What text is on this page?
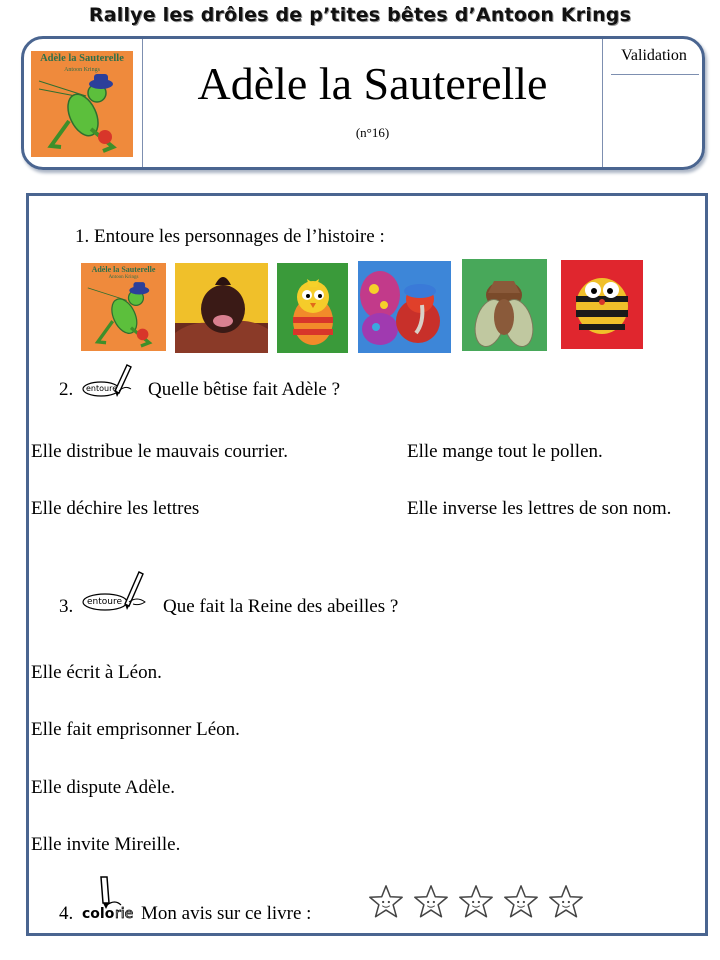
Rallye les drôles de p’tites bêtes d’Antoon Krings
Adèle la Sauterelle
Antoon Krings	Adèle la Sauterelle
(n°16)
Validation
1. Entoure les personnages de l’histoire :
Adèle la Sauterelle
Antoon Krings
2. entoure Quelle bêtise fait Adèle ?
Elle distribue le mauvais courrier.	Elle mange tout le pollen.
Elle déchire les lettres	Elle inverse les lettres de son nom.
3. entoure Que fait la Reine des abeilles ?
Elle écrit à Léon.
Elle fait emprisonner Léon.
Elle dispute Adèle.
Elle invite Mireille.
4. colo rie Mon avis sur ce livre :
